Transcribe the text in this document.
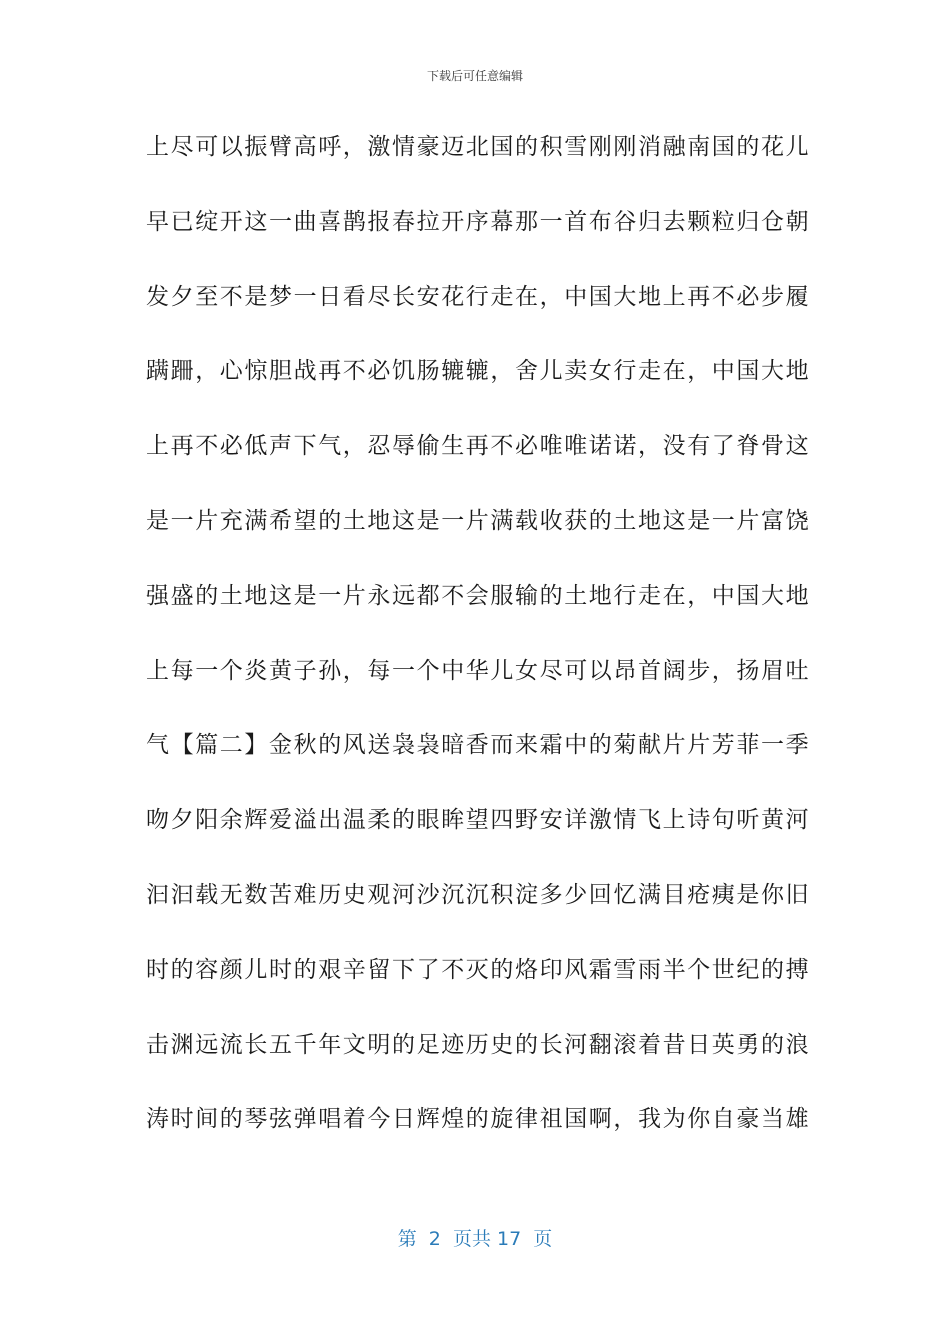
下载后可任意编辑
上尽可以振臂高呼，激情豪迈北国的积雪刚刚消融南国的花儿
早已绽开这一曲喜鹊报春拉开序幕那一首布谷归去颗粒归仓朝
发夕至不是梦一日看尽长安花行走在，中国大地上再不必步履
蹒跚，心惊胆战再不必饥肠辘辘，舍儿卖女行走在，中国大地
上再不必低声下气，忍辱偷生再不必唯唯诺诺，没有了脊骨这
是一片充满希望的土地这是一片满载收获的土地这是一片富饶
强盛的土地这是一片永远都不会服输的土地行走在，中国大地
上每一个炎黄子孙，每一个中华儿女尽可以昂首阔步，扬眉吐
气【篇二】金秋的风送袅袅暗香而来霜中的菊献片片芳菲一季
吻夕阳余辉爱溢出温柔的眼眸望四野安详激情飞上诗句听黄河
汩汩载无数苦难历史观河沙沉沉积淀多少回忆满目疮痍是你旧
时的容颜儿时的艰辛留下了不灭的烙印风霜雪雨半个世纪的搏
击渊远流长五千年文明的足迹历史的长河翻滚着昔日英勇的浪
涛时间的琴弦弹唱着今日辉煌的旋律祖国啊，我为你自豪当雄
第  2  页共 17  页
